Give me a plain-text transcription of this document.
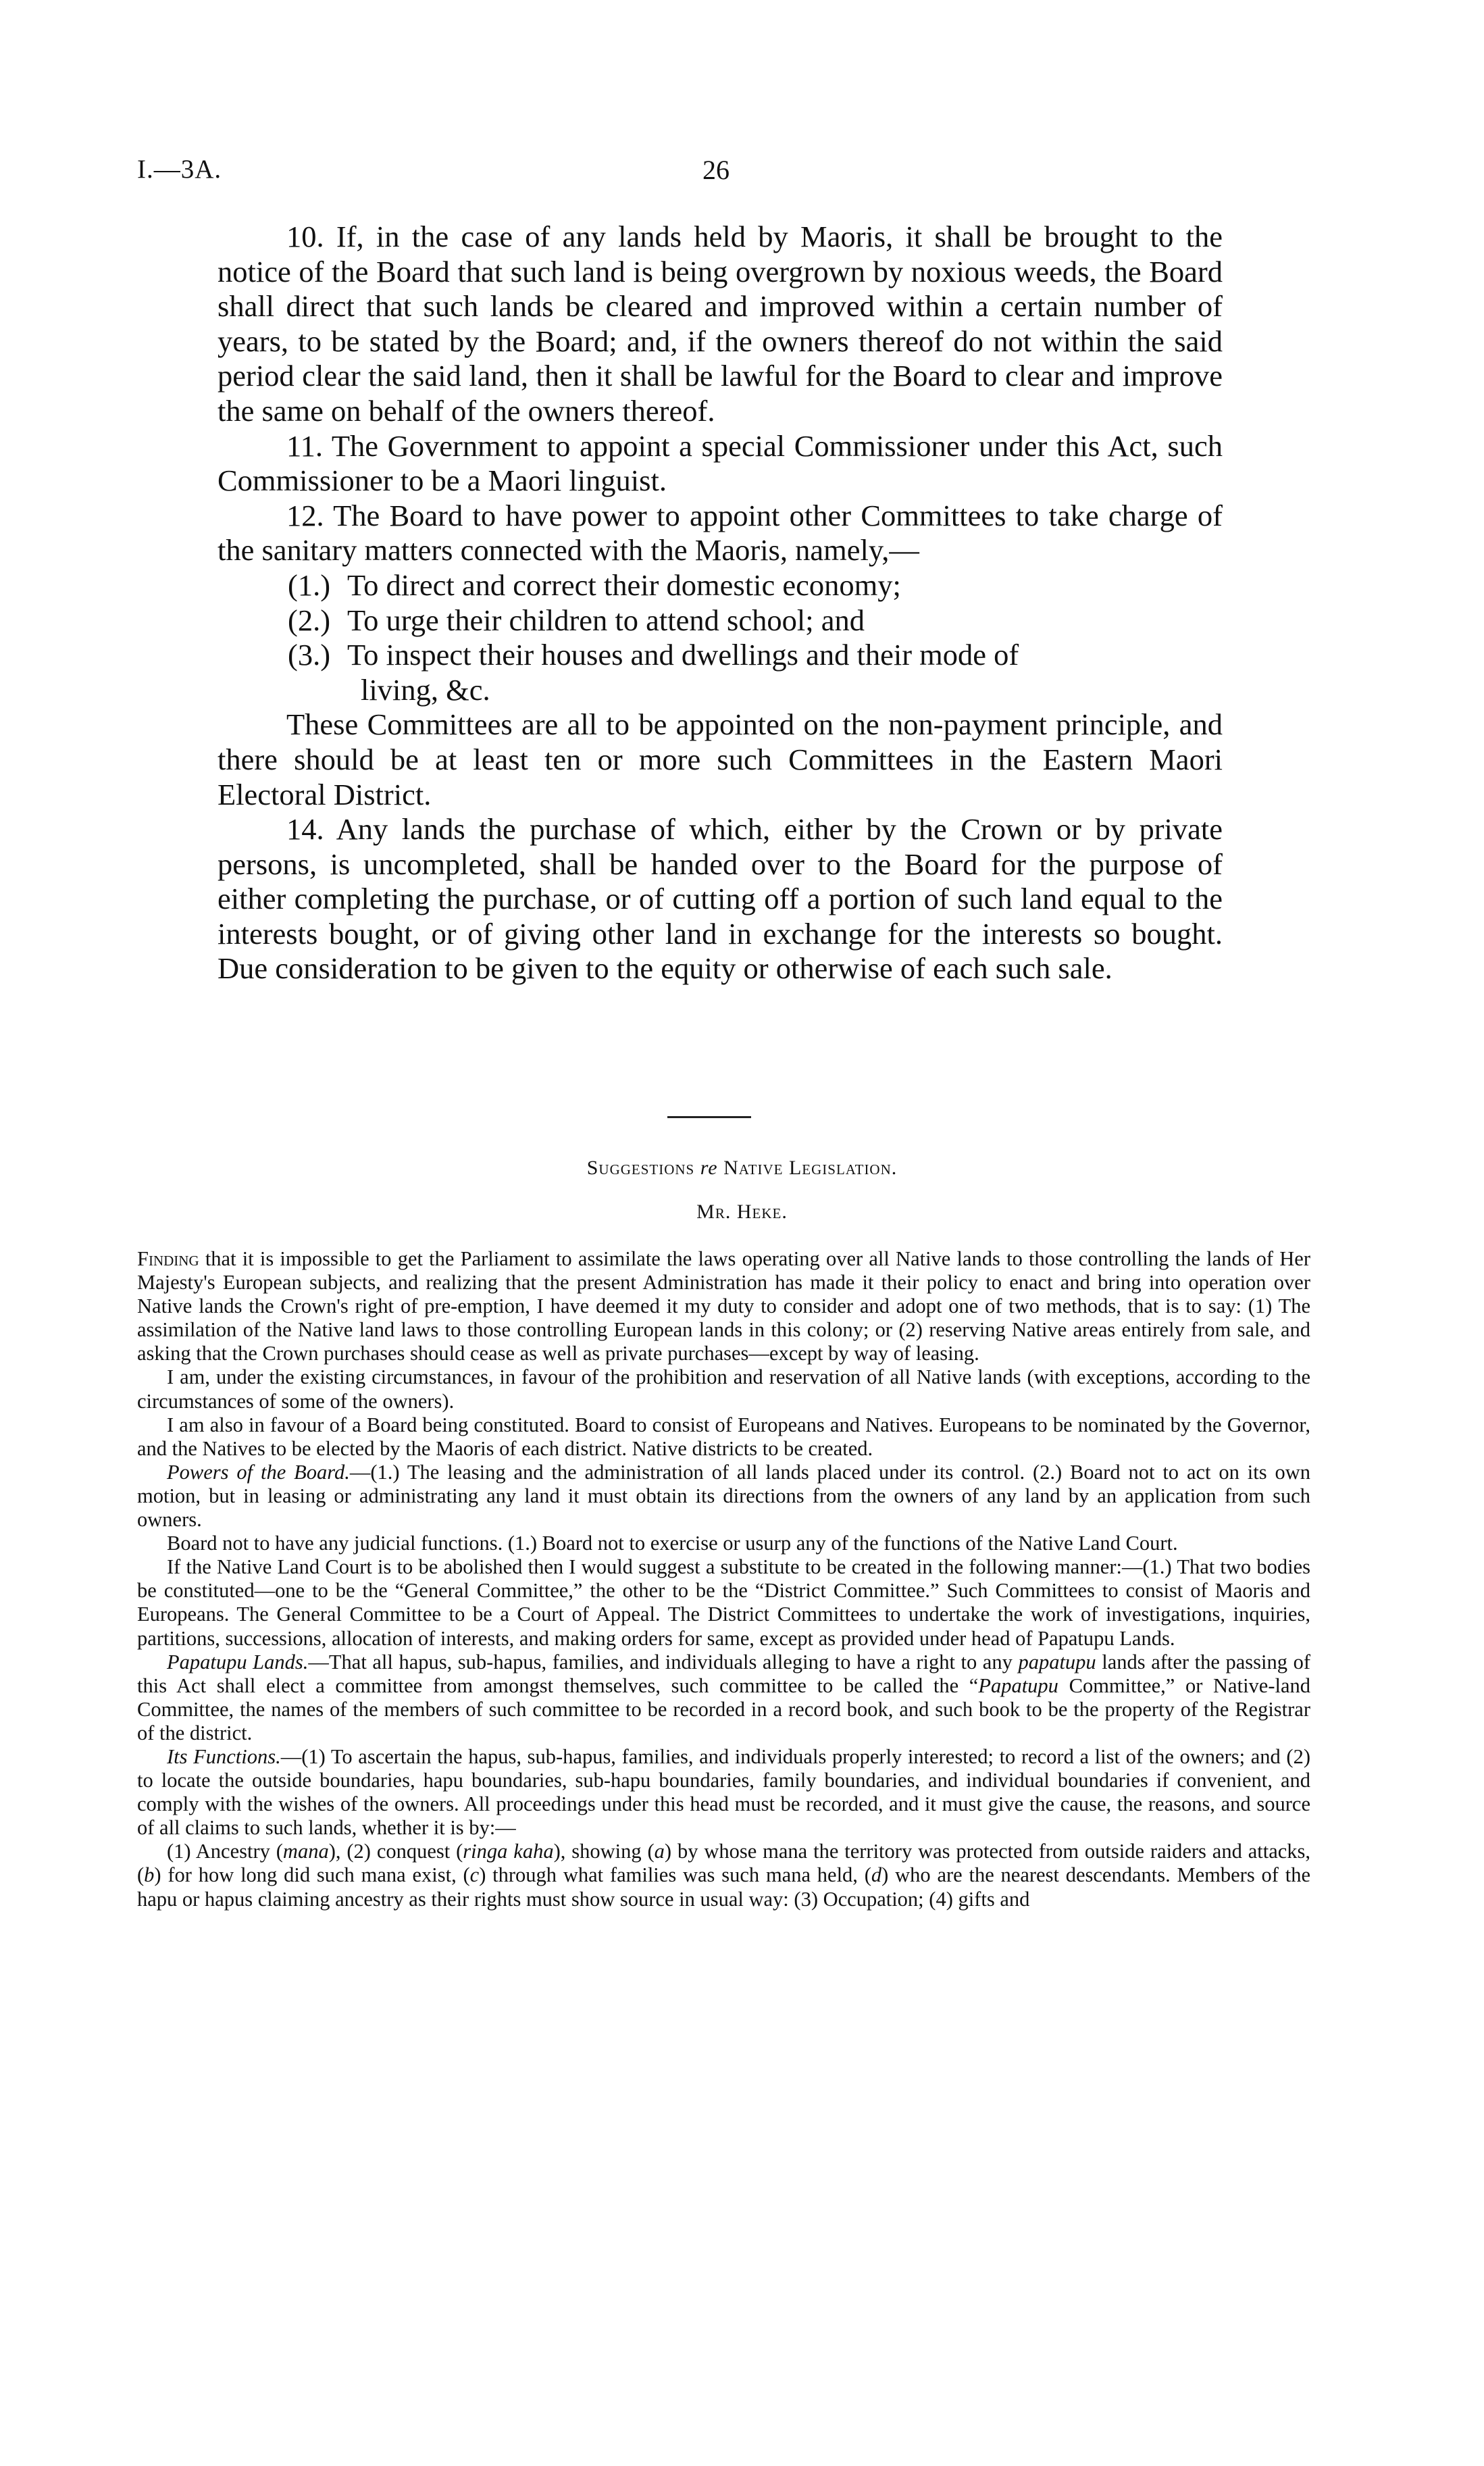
I.—3A.	26

10. If, in the case of any lands held by Maoris, it shall be brought to the notice of the Board that such land is being overgrown by noxious weeds, the Board shall direct that such lands be cleared and improved within a certain number of years, to be stated by the Board; and, if the owners thereof do not within the said period clear the said land, then it shall be lawful for the Board to clear and improve the same on behalf of the owners thereof.

11. The Government to appoint a special Commissioner under this Act, such Commissioner to be a Maori linguist.

12. The Board to have power to appoint other Committees to take charge of the sanitary matters connected with the Maoris, namely,—

(1.) To direct and correct their domestic economy;
(2.) To urge their children to attend school; and
(3.) To inspect their houses and dwellings and their mode of
living, &c.

These Committees are all to be appointed on the non-payment principle, and there should be at least ten or more such Committees in the Eastern Maori Electoral District.

14. Any lands the purchase of which, either by the Crown or by private persons, is uncompleted, shall be handed over to the Board for the purpose of either completing the purchase, or of cutting off a portion of such land equal to the interests bought, or of giving other land in exchange for the interests so bought. Due consideration to be given to the equity or otherwise of each such sale.

Suggestions re Native Legislation.
Mr. Heke.

Finding that it is impossible to get the Parliament to assimilate the laws operating over all Native lands to those controlling the lands of Her Majesty's European subjects, and realizing that the present Administration has made it their policy to enact and bring into operation over Native lands the Crown's right of pre-emption, I have deemed it my duty to consider and adopt one of two methods, that is to say: (1) The assimilation of the Native land laws to those controlling European lands in this colony; or (2) reserving Native areas entirely from sale, and asking that the Crown purchases should cease as well as private purchases—except by way of leasing.

I am, under the existing circumstances, in favour of the prohibition and reservation of all Native lands (with exceptions, according to the circumstances of some of the owners).

I am also in favour of a Board being constituted. Board to consist of Europeans and Natives. Europeans to be nominated by the Governor, and the Natives to be elected by the Maoris of each district. Native districts to be created.

Powers of the Board.—(1.) The leasing and the administration of all lands placed under its control. (2.) Board not to act on its own motion, but in leasing or administrating any land it must obtain its directions from the owners of any land by an application from such owners.

Board not to have any judicial functions. (1.) Board not to exercise or usurp any of the functions of the Native Land Court.

If the Native Land Court is to be abolished then I would suggest a substitute to be created in the following manner:—(1.) That two bodies be constituted—one to be the “General Committee,” the other to be the “District Committee.” Such Committees to consist of Maoris and Europeans. The General Committee to be a Court of Appeal. The District Committees to undertake the work of investigations, inquiries, partitions, successions, allocation of interests, and making orders for same, except as provided under head of Papatupu Lands.

Papatupu Lands.—That all hapus, sub-hapus, families, and individuals alleging to have a right to any papatupu lands after the passing of this Act shall elect a committee from amongst themselves, such committee to be called the “Papatupu Committee,” or Native-land Committee, the names of the members of such committee to be recorded in a record book, and such book to be the property of the Registrar of the district.

Its Functions.—(1) To ascertain the hapus, sub-hapus, families, and individuals properly interested; to record a list of the owners; and (2) to locate the outside boundaries, hapu boundaries, sub-hapu boundaries, family boundaries, and individual boundaries if convenient, and comply with the wishes of the owners. All proceedings under this head must be recorded, and it must give the cause, the reasons, and source of all claims to such lands, whether it is by:—

(1) Ancestry (mana), (2) conquest (ringa kaha), showing (a) by whose mana the territory was protected from outside raiders and attacks, (b) for how long did such mana exist, (c) through what families was such mana held, (d) who are the nearest descendants. Members of the hapu or hapus claiming ancestry as their rights must show source in usual way: (3) Occupation; (4) gifts and
